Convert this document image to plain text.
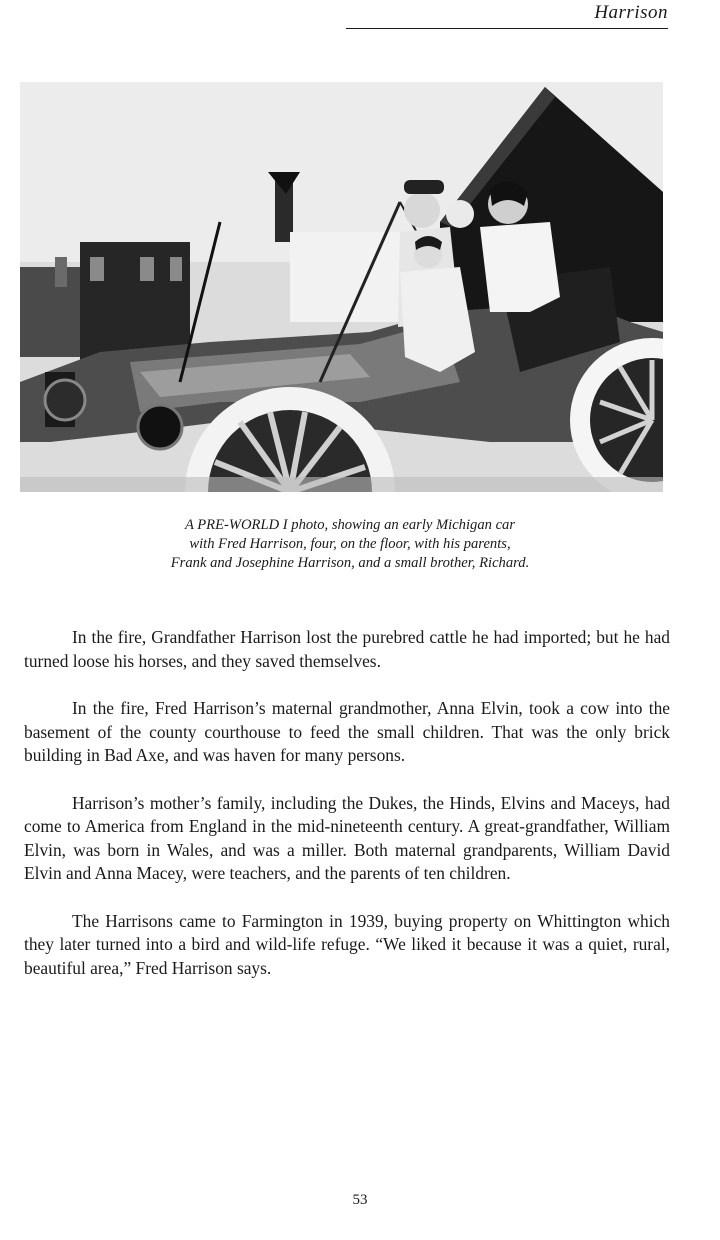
Harrison
A PRE-WORLD I photo, showing an early Michigan car
with Fred Harrison, four, on the floor, with his parents,
Frank and Josephine Harrison, and a small brother, Richard.

In the fire, Grandfather Harrison lost the purebred cattle he had imported; but he had turned loose his horses, and they saved themselves.

In the fire, Fred Harrison’s maternal grandmother, Anna Elvin, took a cow into the basement of the county courthouse to feed the small children. That was the only brick building in Bad Axe, and was haven for many persons.

Harrison’s mother’s family, including the Dukes, the Hinds, Elvins and Maceys, had come to America from England in the mid-nineteenth century. A great-grandfather, William Elvin, was born in Wales, and was a miller. Both maternal grandparents, William David Elvin and Anna Macey, were teachers, and the parents of ten children.

The Harrisons came to Farmington in 1939, buying property on Whittington which they later turned into a bird and wild-life refuge. “We liked it because it was a quiet, rural, beautiful area,” Fred Harrison says.

53
